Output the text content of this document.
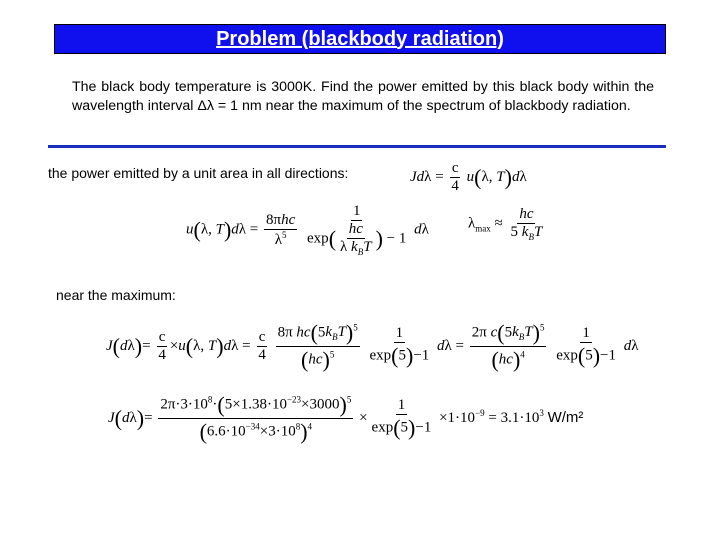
Problem (blackbody radiation)
The black body temperature is 3000K. Find the power emitted by this black body within the wavelength interval Δλ = 1 nm near the maximum of the spectrum of blackbody radiation.
the power emitted by a unit area in all directions:	$Jd\lambda = \frac{c}{4} u(\lambda$, T)dλ
u(λ, $T)d\lambda = \frac{\text{8πhc}}{\lambda^5}$
$\frac{1}{\exp( \frac{hc}{\lambda k_BT} ) - 1}$ dλ	$\lambda_{max} \approx \frac{hc}{5 k_BT}$
near the maximum:
$J(d\lambda)= \frac{c}{4} \times u(\lambda$, $T)d\lambda = \frac{c}{4}$
$\frac{8\pi hc(5k_BT)^5}{(hc)^5}$
$\frac{1}{\exp(5)-1}$ $d\lambda = \frac{2\pi c(5k_BT)^5}{(hc)^4}$
$\frac{1}{\exp(5)-1}$ dλ
$J(d\lambda)= \frac{2\pi\cdot 3\cdot 10^8\cdot(5\times 1.38\cdot 10^{-23}\times 3000)^5}{(6.6\cdot 10^{-34}\times 3\cdot 10^8)^4} \times \frac{1}{\exp(5)-1} \times 1\cdot 10^{-9} = 3.1\cdot 10^3$ W/m²
